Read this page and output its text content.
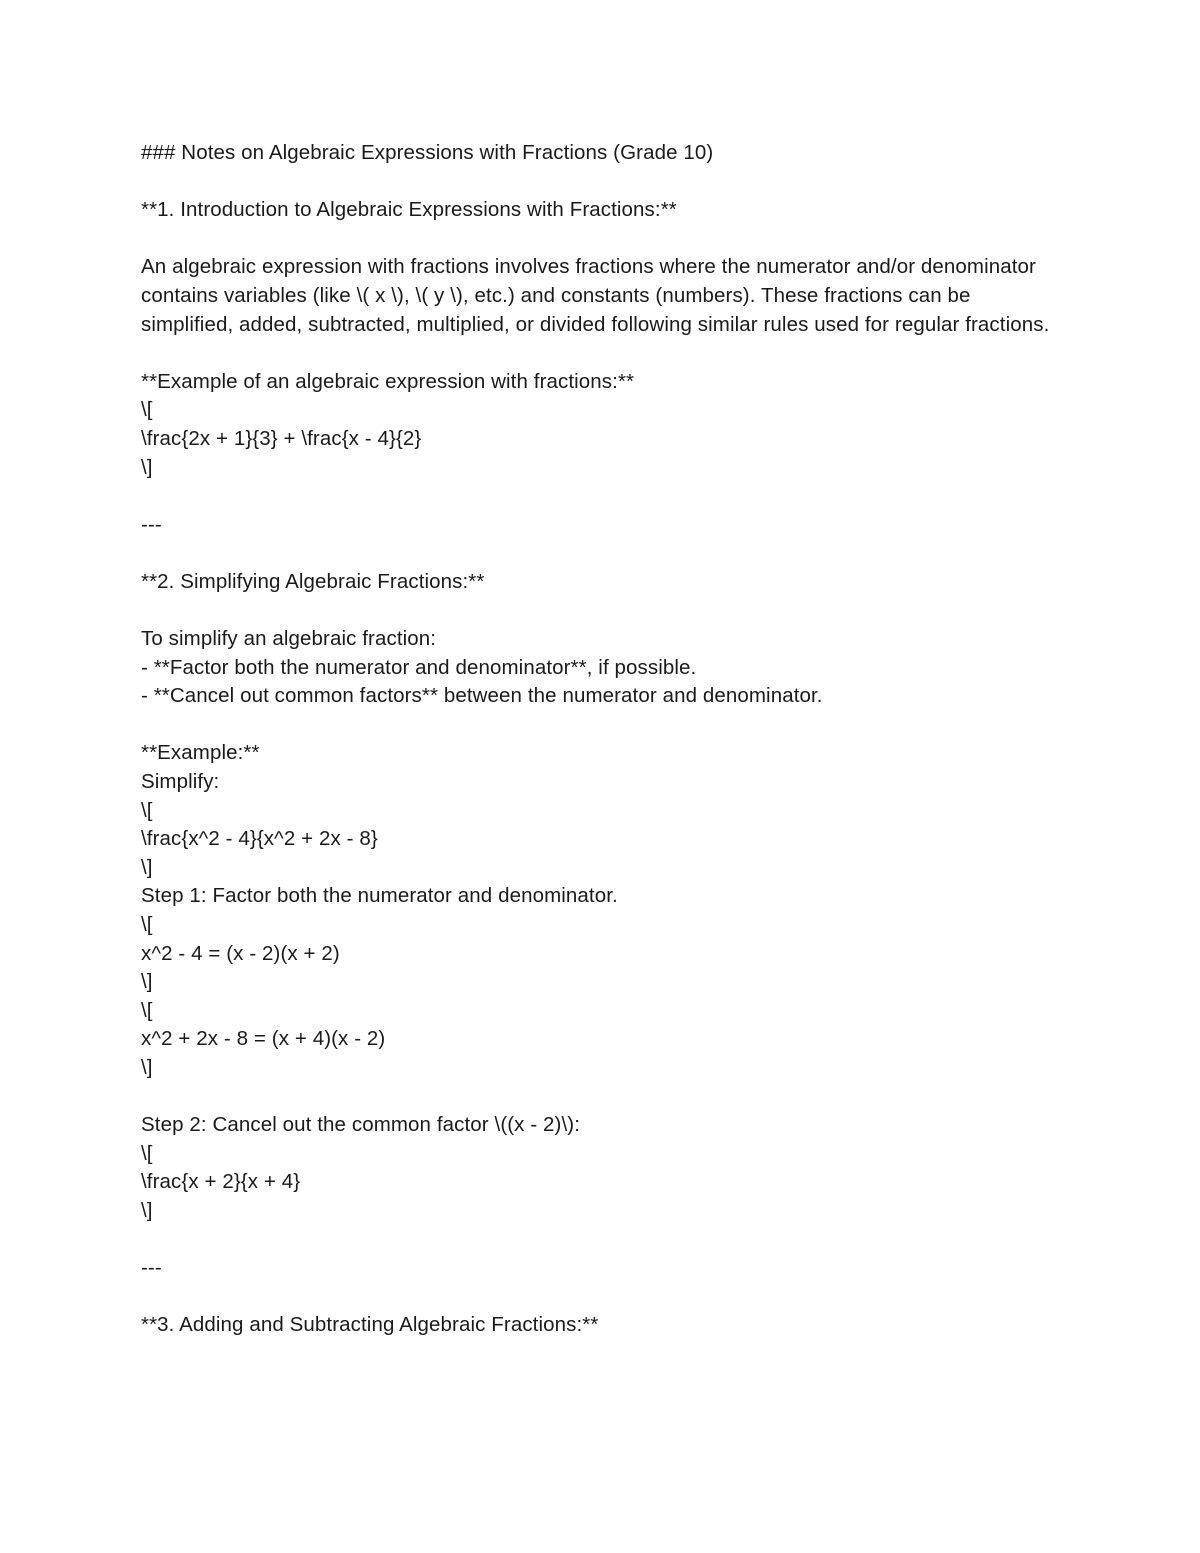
### Notes on Algebraic Expressions with Fractions (Grade 10)
**1. Introduction to Algebraic Expressions with Fractions:**
An algebraic expression with fractions involves fractions where the numerator and/or denominator contains variables (like \( x \), \( y \), etc.) and constants (numbers). These fractions can be simplified, added, subtracted, multiplied, or divided following similar rules used for regular fractions.
**Example of an algebraic expression with fractions:**
\[
\frac{2x + 1}{3} + \frac{x - 4}{2}
\]
---
**2. Simplifying Algebraic Fractions:**
To simplify an algebraic fraction:
- **Factor both the numerator and denominator**, if possible.
- **Cancel out common factors** between the numerator and denominator.
**Example:**
Simplify:
\[
\frac{x^2 - 4}{x^2 + 2x - 8}
\]
Step 1: Factor both the numerator and denominator.
\[
x^2 - 4 = (x - 2)(x + 2)
\]
\[
x^2 + 2x - 8 = (x + 4)(x - 2)
\]
Step 2: Cancel out the common factor \((x - 2)\):
\[
\frac{x + 2}{x + 4}
\]
---
**3. Adding and Subtracting Algebraic Fractions:**
